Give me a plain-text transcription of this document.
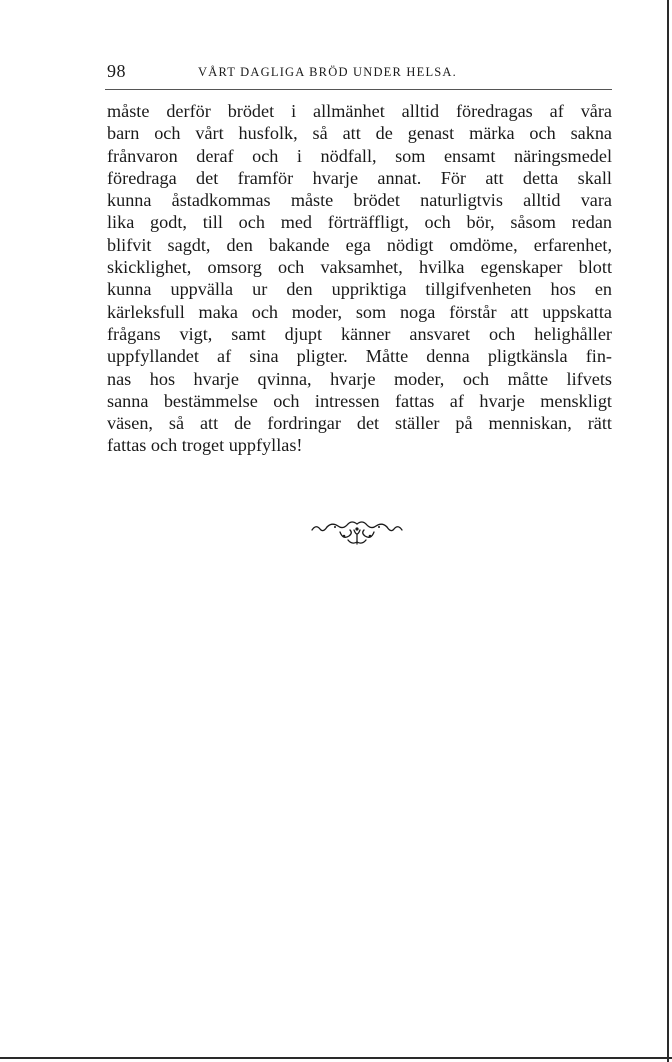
98	VÅRT DAGLIGA BRÖD UNDER HELSA.
måste derför brödet i allmänhet alltid föredragas af våra
barn och vårt husfolk, så att de genast märka och sakna
frånvaron deraf och i nödfall, som ensamt näringsmedel
föredraga det framför hvarje annat. För att detta skall
kunna åstadkommas måste brödet naturligtvis alltid vara
lika godt, till och med förträffligt, och bör, såsom redan
blifvit sagdt, den bakande ega nödigt omdöme, erfarenhet,
skicklighet, omsorg och vaksamhet, hvilka egenskaper blott
kunna uppvälla ur den uppriktiga tillgifvenheten hos en
kärleksfull maka och moder, som noga förstår att uppskatta
frågans vigt, samt djupt känner ansvaret och helighåller
uppfyllandet af sina pligter. Måtte denna pligtkänsla fin-
nas hos hvarje qvinna, hvarje moder, och måtte lifvets
sanna bestämmelse och intressen fattas af hvarje menskligt
väsen, så att de fordringar det ställer på menniskan, rätt
fattas och troget uppfyllas!
